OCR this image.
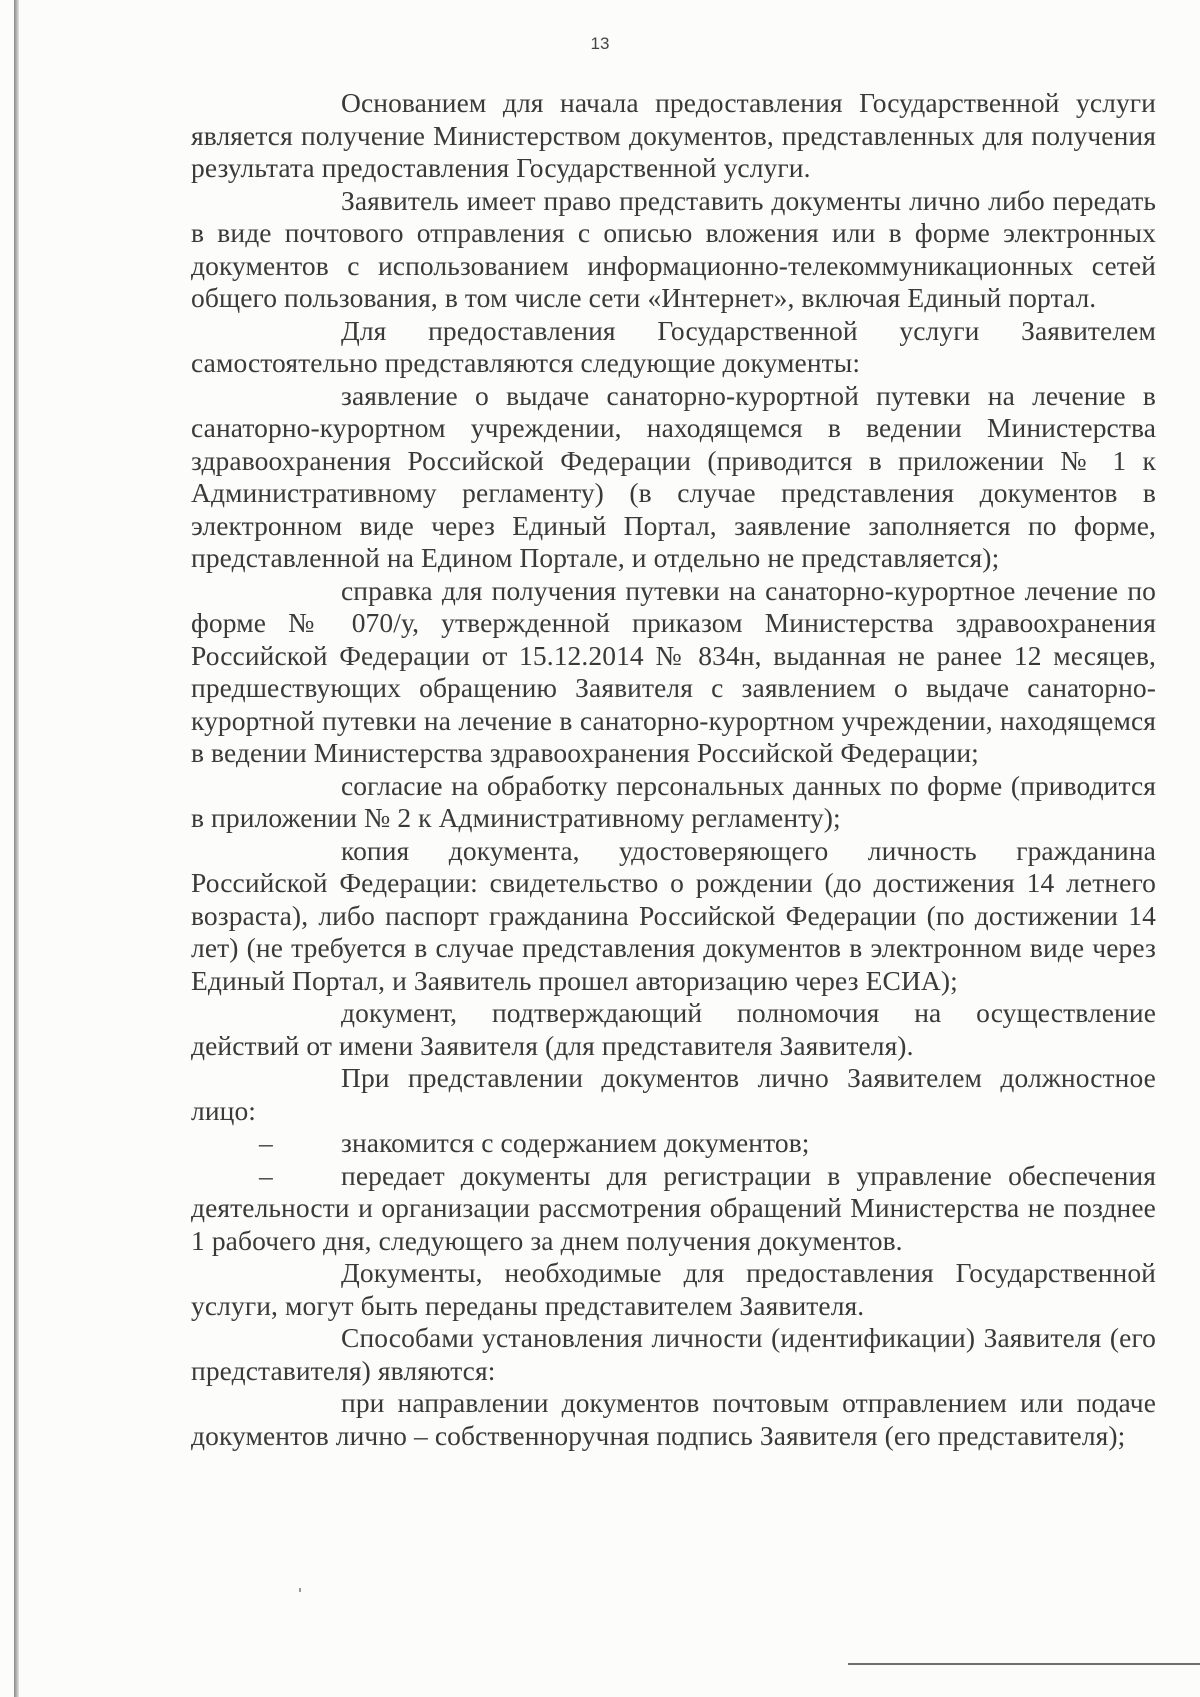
13

Основанием для начала предоставления Государственной услуги является получение Министерством документов, представленных для получения результата предоставления Государственной услуги.

Заявитель имеет право представить документы лично либо передать в виде почтового отправления с описью вложения или в форме электронных документов с использованием информационно-телекоммуникационных сетей общего пользования, в том числе сети «Интернет», включая Единый портал.

Для предоставления Государственной услуги Заявителем самостоятельно представляются следующие документы:

заявление о выдаче санаторно-курортной путевки на лечение в санаторно-курортном учреждении, находящемся в ведении Министерства здравоохранения Российской Федерации (приводится в приложении № 1 к Административному регламенту) (в случае представления документов в электронном виде через Единый Портал, заявление заполняется по форме, представленной на Едином Портале, и отдельно не представляется);

справка для получения путевки на санаторно-курортное лечение по форме № 070/у, утвержденной приказом Министерства здравоохранения Российской Федерации от 15.12.2014 № 834н, выданная не ранее 12 месяцев, предшествующих обращению Заявителя с заявлением о выдаче санаторно-курортной путевки на лечение в санаторно-курортном учреждении, находящемся в ведении Министерства здравоохранения Российской Федерации;

согласие на обработку персональных данных по форме (приводится в приложении № 2 к Административному регламенту);

копия документа, удостоверяющего личность гражданина Российской Федерации: свидетельство о рождении (до достижения 14 летнего возраста), либо паспорт гражданина Российской Федерации (по достижении 14 лет) (не требуется в случае представления документов в электронном виде через Единый Портал, и Заявитель прошел авторизацию через ЕСИА);

документ, подтверждающий полномочия на осуществление действий от имени Заявителя (для представителя Заявителя).

При представлении документов лично Заявителем должностное лицо:

– знакомится с содержанием документов;

– передает документы для регистрации в управление обеспечения деятельности и организации рассмотрения обращений Министерства не позднее 1 рабочего дня, следующего за днем получения документов.

Документы, необходимые для предоставления Государственной услуги, могут быть переданы представителем Заявителя.

Способами установления личности (идентификации) Заявителя (его представителя) являются:

при направлении документов почтовым отправлением или подаче документов лично – собственноручная подпись Заявителя (его представителя);
